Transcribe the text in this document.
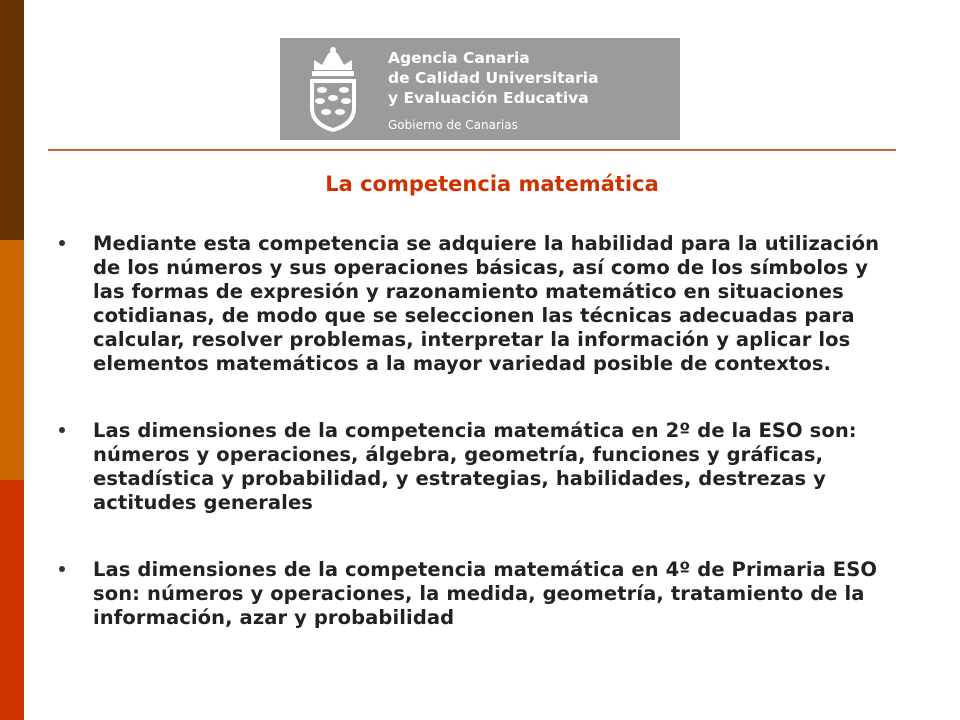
Agencia Canaria
de Calidad Universitaria
y Evaluación Educativa
Gobierno de Canarias
La competencia matemática
Mediante esta competencia se adquiere la habilidad para la utilización de los números y sus operaciones básicas, así como de los símbolos y las formas de expresión y razonamiento matemático en situaciones cotidianas, de modo que se seleccionen las técnicas adecuadas para calcular, resolver problemas, interpretar la información y aplicar los elementos matemáticos a la mayor variedad posible de contextos.
Las dimensiones de la competencia matemática en 2º de la ESO son: números y operaciones, álgebra, geometría, funciones y gráficas, estadística y probabilidad, y estrategias, habilidades, destrezas y actitudes generales
Las dimensiones de la competencia matemática en 4º de Primaria ESO son: números y operaciones, la medida, geometría, tratamiento de la información, azar y probabilidad
